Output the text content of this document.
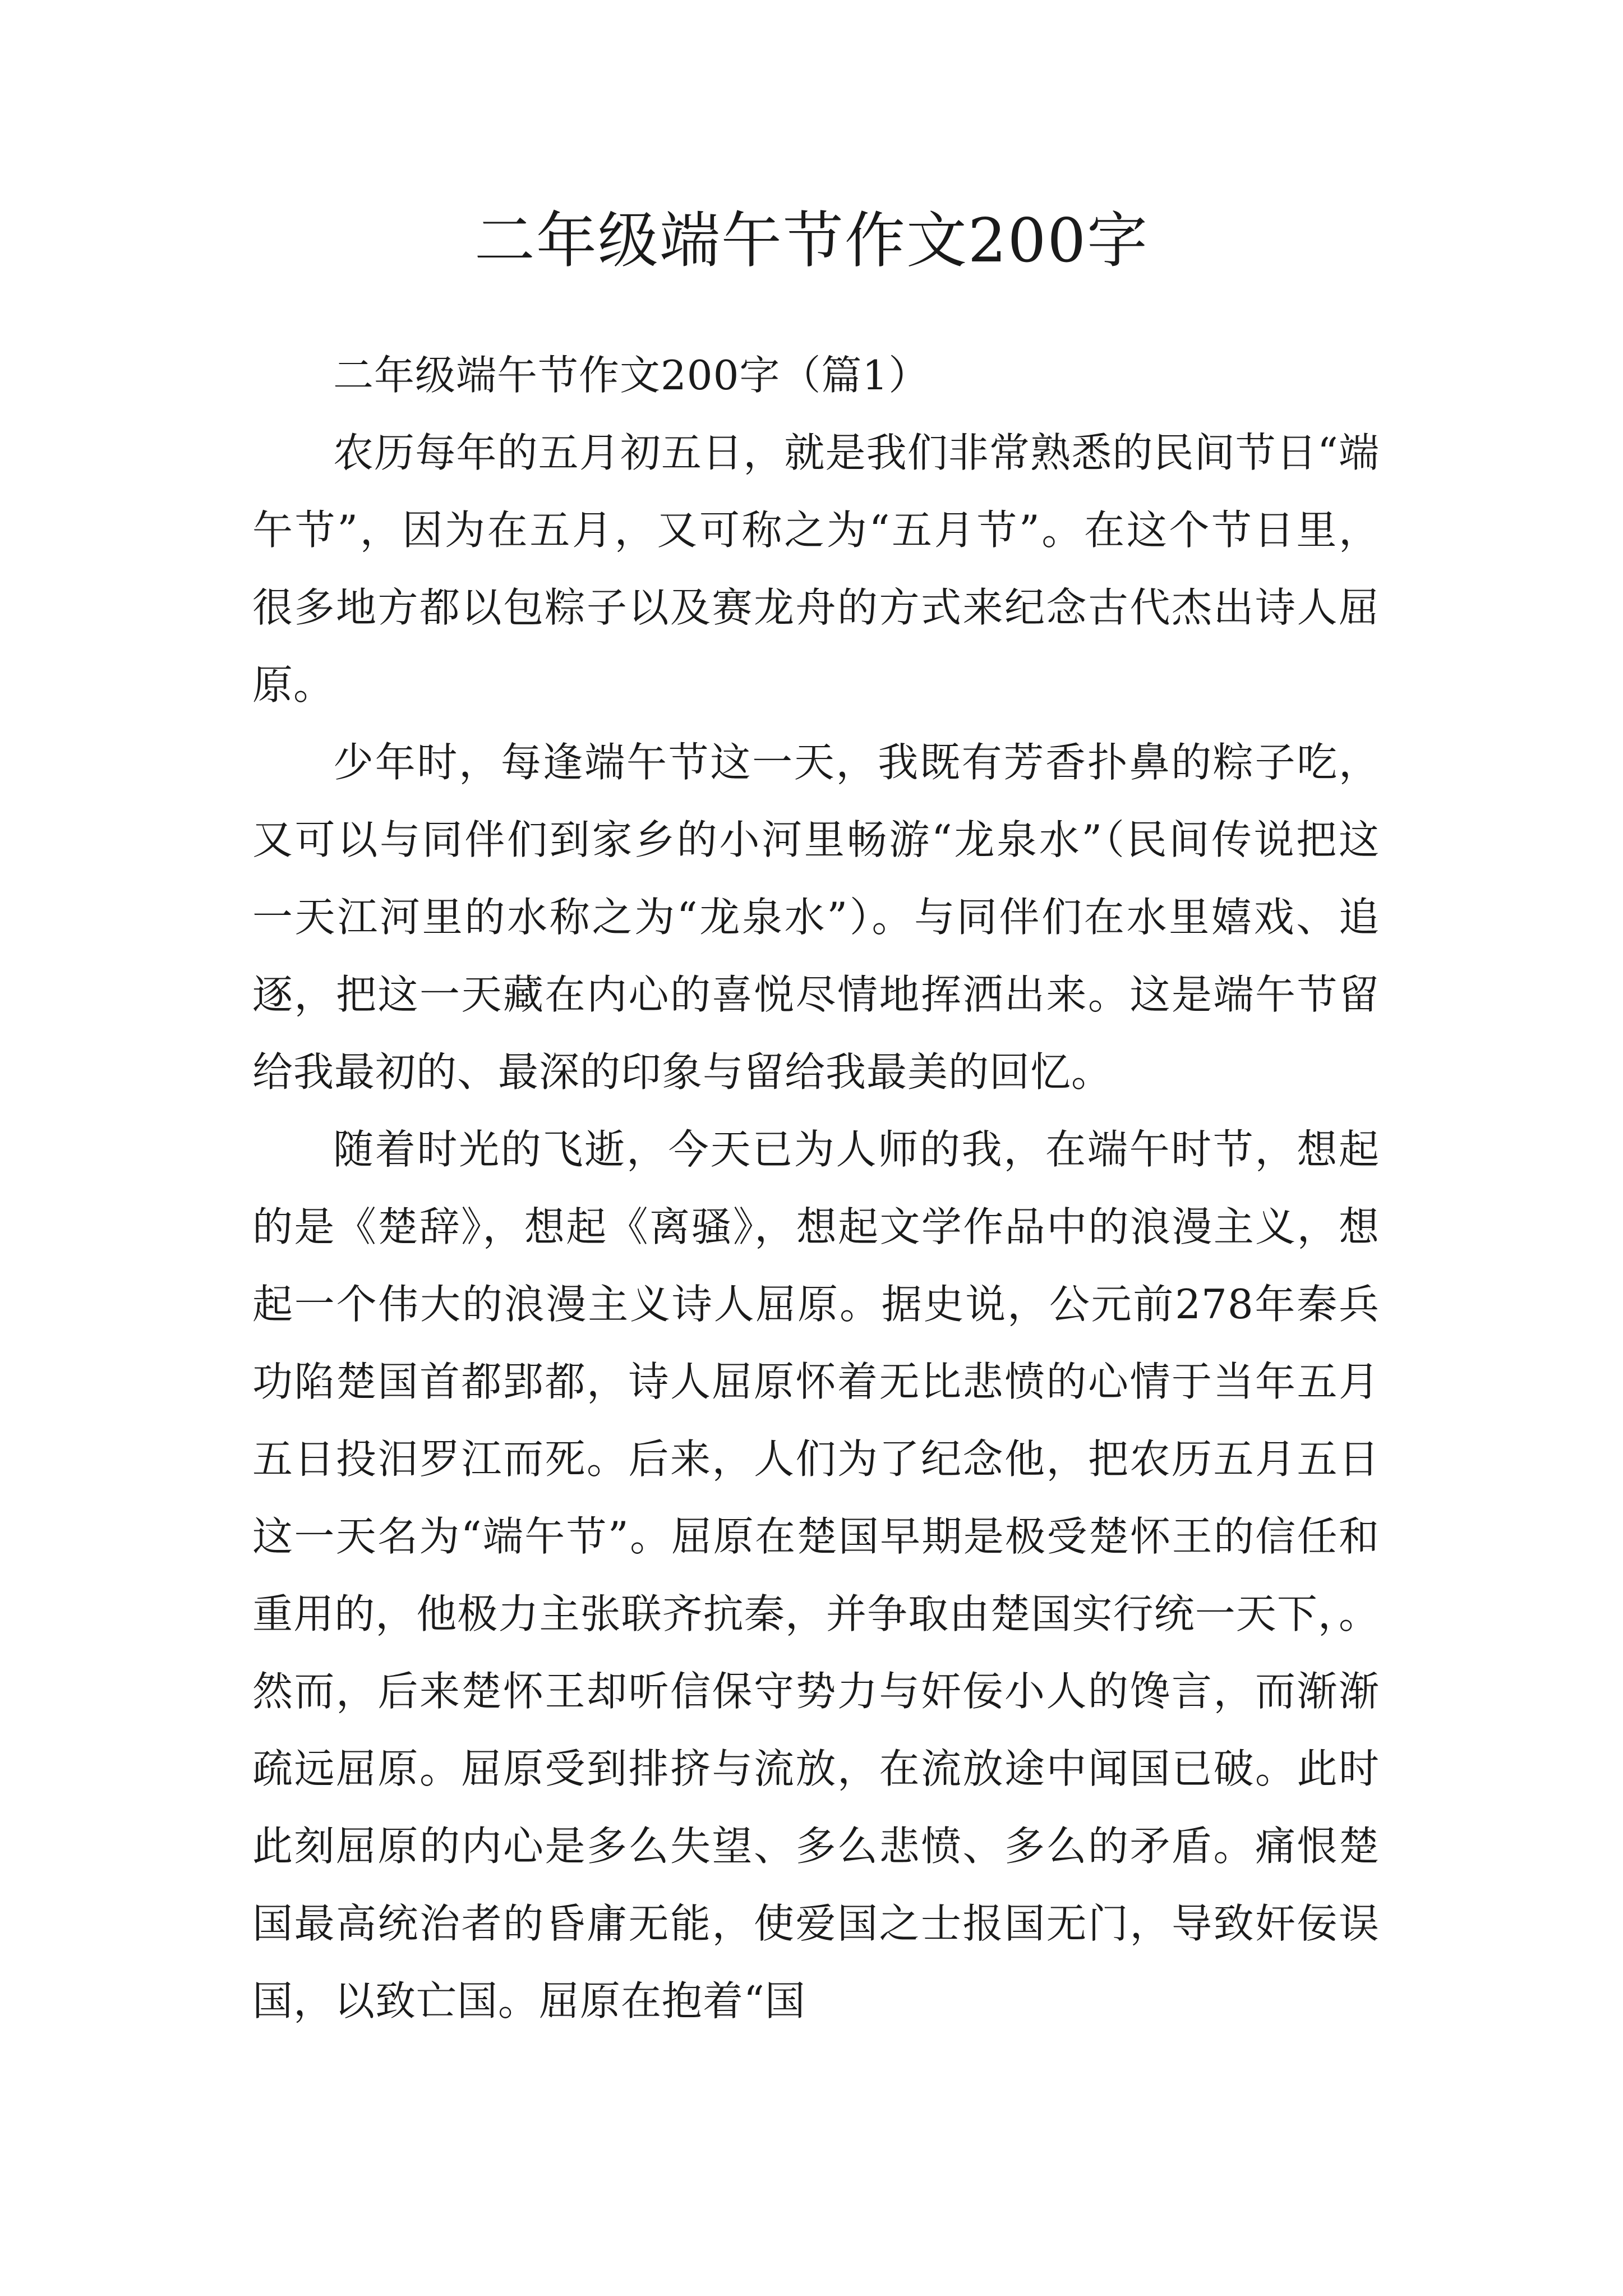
二年级端午节作文200字

二年级端午节作文200字（篇1）

农历每年的五月初五日，就是我们非常熟悉的民间节日“端午节”，因为在五月，又可称之为“五月节”。在这个节日里，很多地方都以包粽子以及赛龙舟的方式来纪念古代杰出诗人屈原。

少年时，每逢端午节这一天，我既有芳香扑鼻的粽子吃，又可以与同伴们到家乡的小河里畅游“龙泉水”（民间传说把这一天江河里的水称之为“龙泉水”）。与同伴们在水里嬉戏、追逐，把这一天藏在内心的喜悦尽情地挥洒出来。这是端午节留给我最初的、最深的印象与留给我最美的回忆。

随着时光的飞逝，今天已为人师的我，在端午时节，想起的是《楚辞》，想起《离骚》，想起文学作品中的浪漫主义，想起一个伟大的浪漫主义诗人屈原。据史说，公元前278年秦兵功陷楚国首都郢都，诗人屈原怀着无比悲愤的心情于当年五月五日投汨罗江而死。后来，人们为了纪念他，把农历五月五日这一天名为“端午节”。屈原在楚国早期是极受楚怀王的信任和重用的，他极力主张联齐抗秦，并争取由楚国实行统一天下，。然而，后来楚怀王却听信保守势力与奸佞小人的馋言，而渐渐疏远屈原。屈原受到排挤与流放，在流放途中闻国已破。此时此刻屈原的内心是多么失望、多么悲愤、多么的矛盾。痛恨楚国最高统治者的昏庸无能，使爱国之士报国无门，导致奸佞误国，以致亡国。屈原在抱着“国
